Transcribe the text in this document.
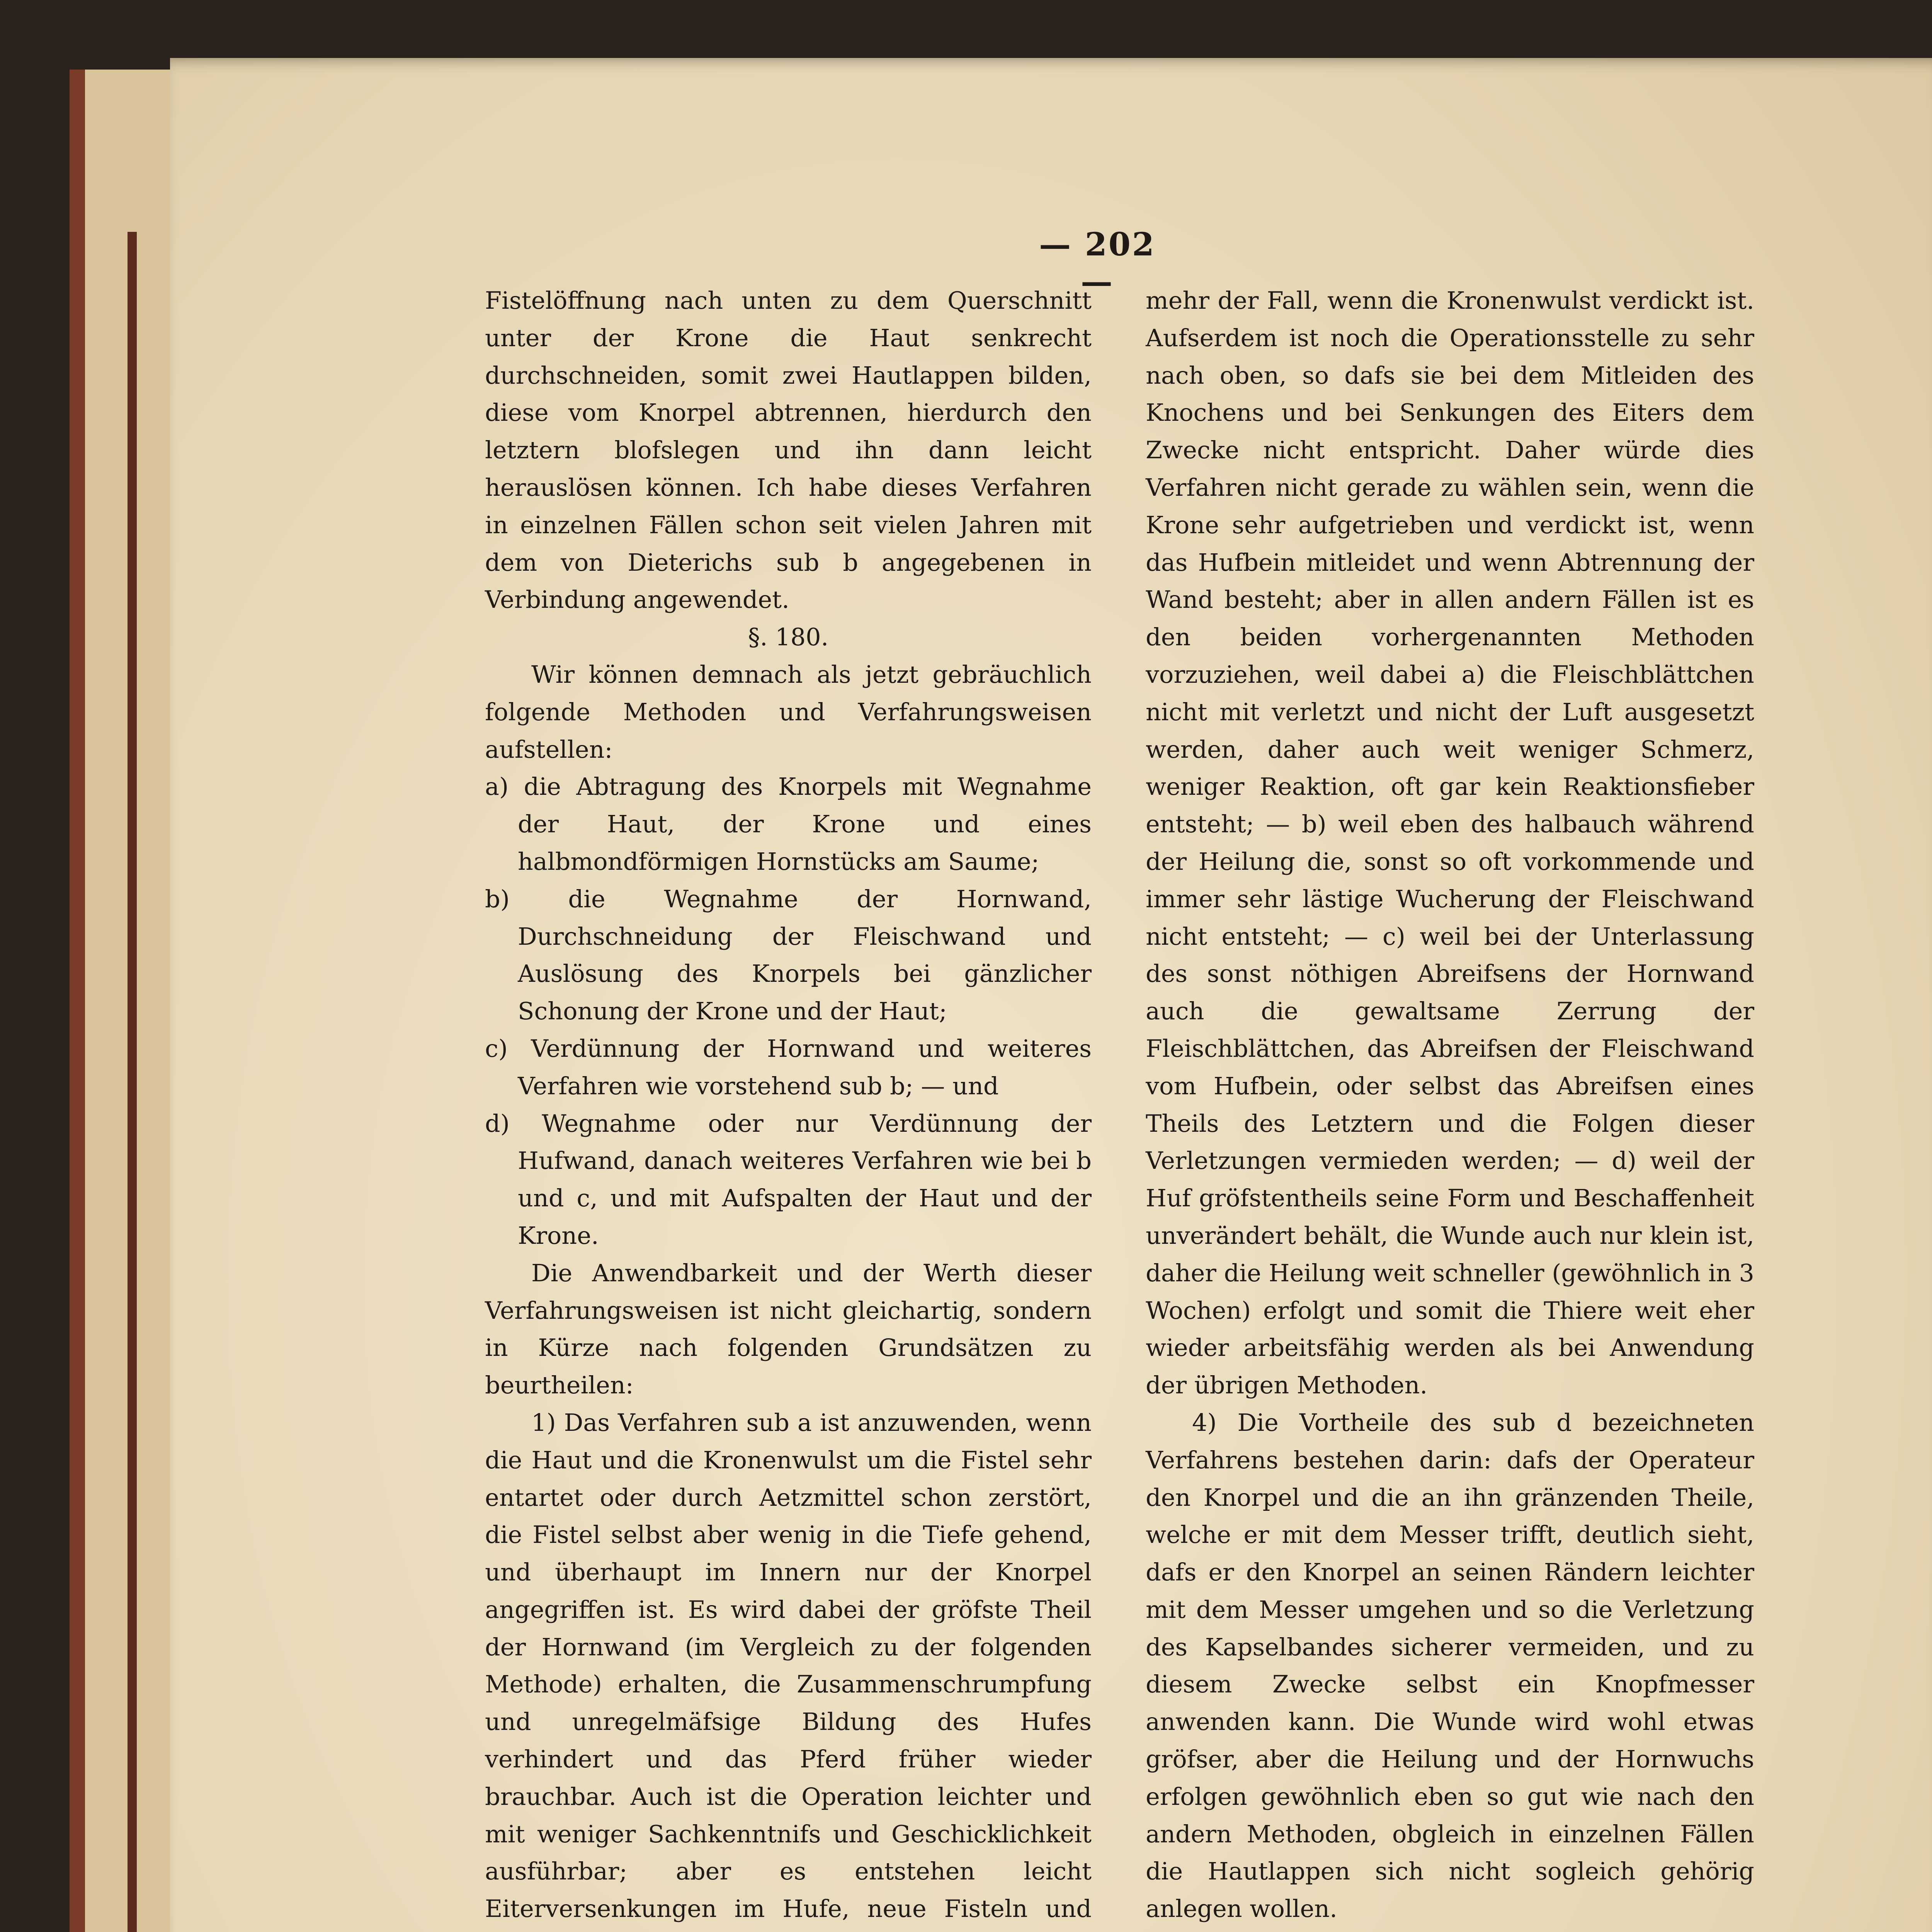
— 202 —

Fistelöffnung nach unten zu dem Querschnitt unter der Krone die Haut senkrecht durchschneiden, somit zwei Hautlappen bilden, diese vom Knorpel abtrennen, hierdurch den letztern blofslegen und ihn dann leicht herauslösen können. Ich habe dieses Verfahren in einzelnen Fällen schon seit vielen Jahren mit dem von Dieterichs sub b angegebenen in Verbindung angewendet.

§. 180.

Wir können demnach als jetzt gebräuchlich folgende Methoden und Verfahrungsweisen aufstellen:

a) die Abtragung des Knorpels mit Wegnahme der Haut, der Krone und eines halbmondförmigen Hornstücks am Saume;

b) die Wegnahme der Hornwand, Durchschneidung der Fleischwand und Auslösung des Knorpels bei gänzlicher Schonung der Krone und der Haut;

c) Verdünnung der Hornwand und weiteres Verfahren wie vorstehend sub b; — und

d) Wegnahme oder nur Verdünnung der Hufwand, danach weiteres Verfahren wie bei b und c, und mit Aufspalten der Haut und der Krone.

Die Anwendbarkeit und der Werth dieser Verfahrungsweisen ist nicht gleichartig, sondern in Kürze nach folgenden Grundsätzen zu beurtheilen:

1) Das Verfahren sub a ist anzuwenden, wenn die Haut und die Kronenwulst um die Fistel sehr entartet oder durch Aetzmittel schon zerstört, die Fistel selbst aber wenig in die Tiefe gehend, und überhaupt im Innern nur der Knorpel angegriffen ist. Es wird dabei der gröfste Theil der Hornwand (im Vergleich zu der folgenden Methode) erhalten, die Zusammenschrumpfung und unregelmäfsige Bildung des Hufes verhindert und das Pferd früher wieder brauchbar. Auch ist die Operation leichter und mit weniger Sachkenntnifs und Geschicklichkeit ausführbar; aber es entstehen leicht Eiterversenkungen im Hufe, neue Fisteln und

mehr der Fall, wenn die Kronenwulst verdickt ist. Aufserdem ist noch die Operationsstelle zu sehr nach oben, so dafs sie bei dem Mitleiden des Knochens und bei Senkungen des Eiters dem Zwecke nicht entspricht. Daher würde dies Verfahren nicht gerade zu wählen sein, wenn die Krone sehr aufgetrieben und verdickt ist, wenn das Hufbein mitleidet und wenn Abtrennung der Wand besteht; aber in allen andern Fällen ist es den beiden vorhergenannten Methoden vorzuziehen, weil dabei a) die Fleischblättchen nicht mit verletzt und nicht der Luft ausgesetzt werden, daher auch weit weniger Schmerz, weniger Reaktion, oft gar kein Reaktionsfieber entsteht; — b) weil eben des halbauch während der Heilung die, sonst so oft vorkommende und immer sehr lästige Wucherung der Fleischwand nicht entsteht; — c) weil bei der Unterlassung des sonst nöthigen Abreifsens der Hornwand auch die gewaltsame Zerrung der Fleischblättchen, das Abreifsen der Fleischwand vom Hufbein, oder selbst das Abreifsen eines Theils des Letztern und die Folgen dieser Verletzungen vermieden werden; — d) weil der Huf gröfstentheils seine Form und Beschaffenheit unverändert behält, die Wunde auch nur klein ist, daher die Heilung weit schneller (gewöhnlich in 3 Wochen) erfolgt und somit die Thiere weit eher wieder arbeitsfähig werden als bei Anwendung der übrigen Methoden.

4) Die Vortheile des sub d bezeichneten Verfahrens bestehen darin: dafs der Operateur den Knorpel und die an ihn gränzenden Theile, welche er mit dem Messer trifft, deutlich sieht, dafs er den Knorpel an seinen Rändern leichter mit dem Messer umgehen und so die Verletzung des Kapselbandes sicherer vermeiden, und zu diesem Zwecke selbst ein Knopfmesser anwenden kann. Die Wunde wird wohl etwas gröfser, aber die Heilung und der Hornwuchs erfolgen gewöhnlich eben so gut wie nach den andern Methoden, obgleich in einzelnen Fällen die Hautlappen sich nicht sogleich gehörig anlegen wollen.
